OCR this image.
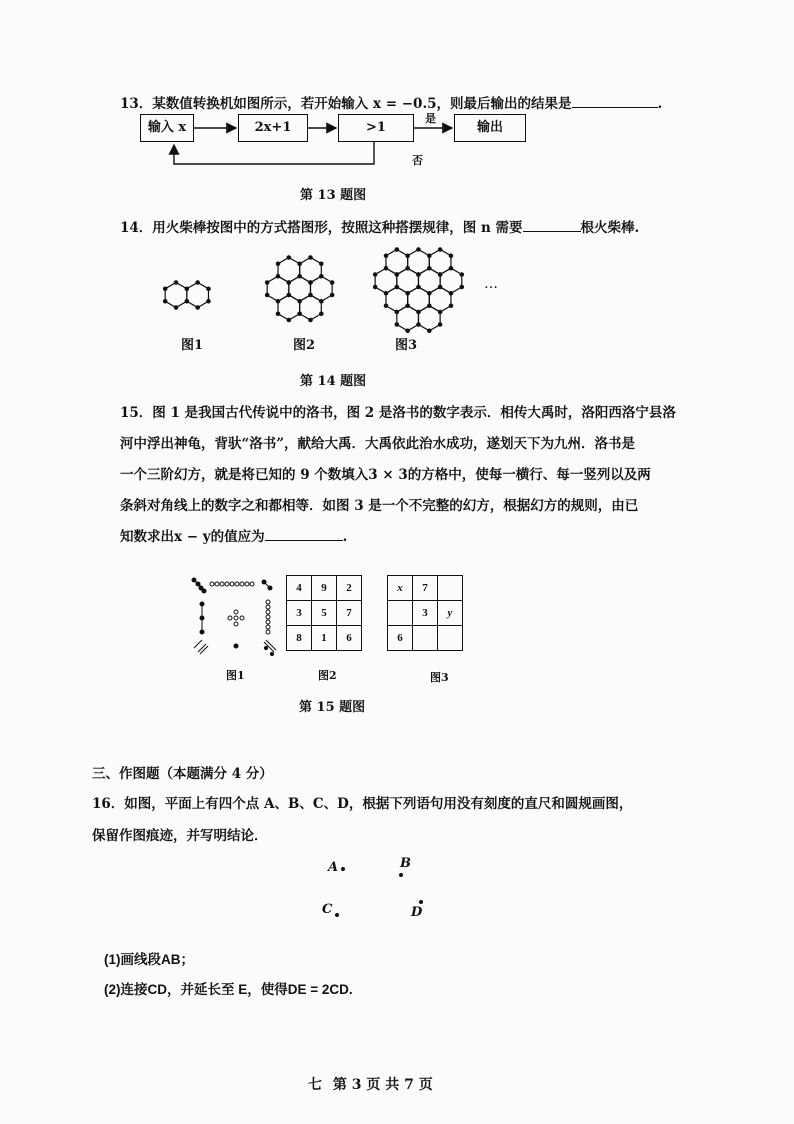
13．某数值转换机如图所示，若开始输入 x = −0.5，则最后输出的结果是	.
输入 x	2x+1	>1	输出
是
否
第 13 题图
14．用火柴棒按图中的方式搭图形，按照这种搭摆规律，图 n 需要	根火柴棒.
…
图1	图2	图3
第 14 题图
15．图 1 是我国古代传说中的洛书，图 2 是洛书的数字表示．相传大禹时，洛阳西洛宁县洛
河中浮出神龟，背驮“洛书”，献给大禹．大禹依此治水成功，遂划天下为九州．洛书是
一个三阶幻方，就是将已知的 9 个数填入3 × 3的方格中，使每一横行、每一竖列以及两
条斜对角线上的数字之和都相等．如图 3 是一个不完整的幻方，根据幻方的规则，由已
知数求出x − y的值应为	.
4	9	2
3	5	7
8	1	6
x	7	
	3	y
6		
图1	图2	图3
第 15 题图
三、作图题（本题满分 4 分）
16．如图，平面上有四个点 A、B、C、D，根据下列语句用没有刻度的直尺和圆规画图，
保留作图痕迹，并写明结论．
A	B
C	D
(1)画线段AB；
(2)连接CD，并延长至 E，使得DE = 2CD.
七 第 3 页 共 7 页
